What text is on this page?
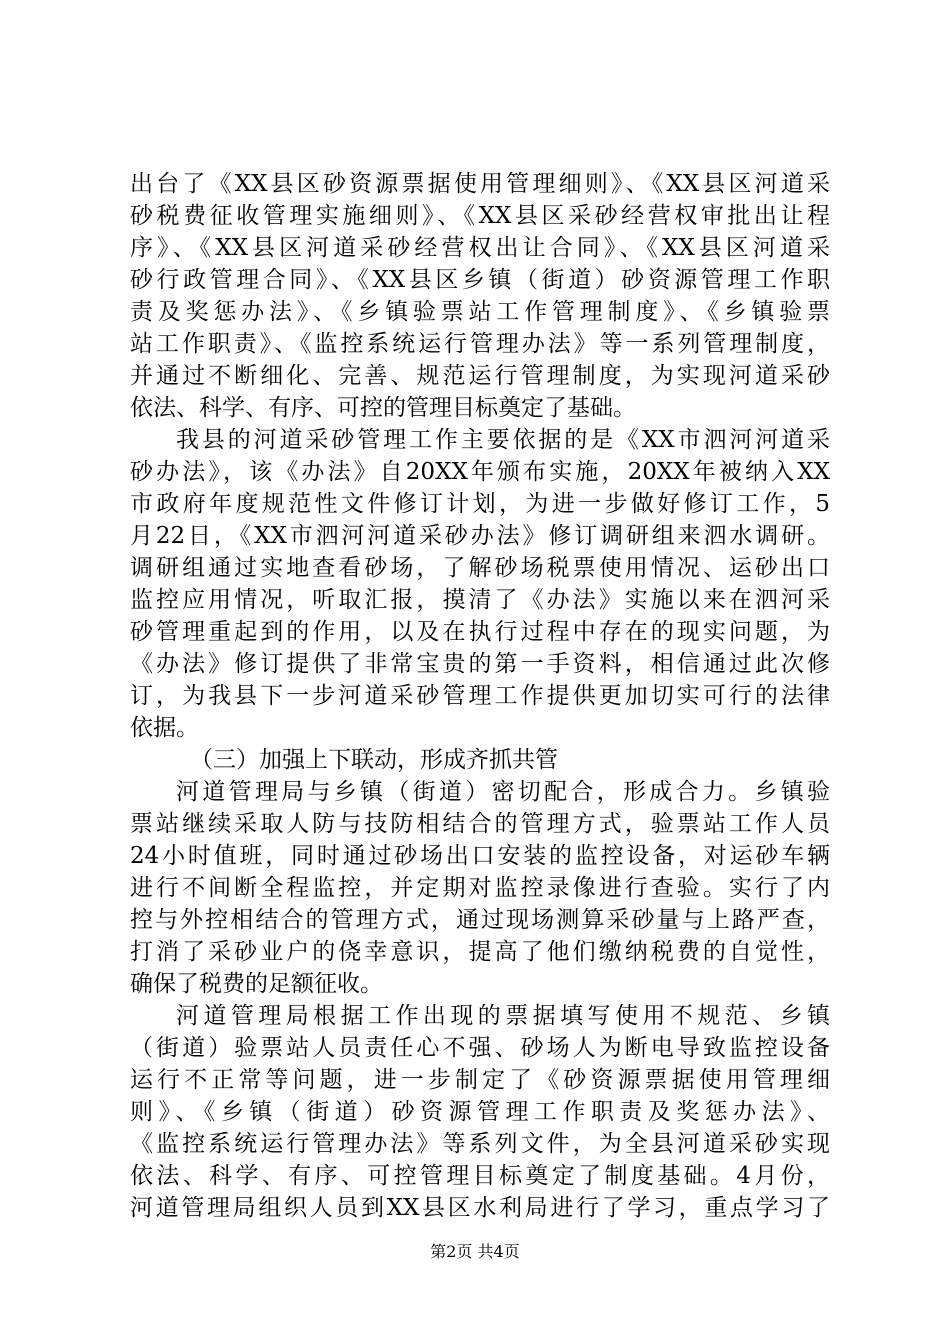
出台了《XX县区砂资源票据使用管理细则》、《XX县区河道采
砂税费征收管理实施细则》、《XX县区采砂经营权审批出让程
序》、《XX县区河道采砂经营权出让合同》、《XX县区河道采
砂行政管理合同》、《XX县区乡镇（街道）砂资源管理工作职
责及奖惩办法》、《乡镇验票站工作管理制度》、《乡镇验票
站工作职责》、《监控系统运行管理办法》等一系列管理制度，
并通过不断细化、完善、规范运行管理制度，为实现河道采砂
依法、科学、有序、可控的管理目标奠定了基础。
我县的河道采砂管理工作主要依据的是《XX市泗河河道采
砂办法》，该《办法》自20XX年颁布实施，20XX年被纳入XX
市政府年度规范性文件修订计划，为进一步做好修订工作，5
月22日，《XX市泗河河道采砂办法》修订调研组来泗水调研。
调研组通过实地查看砂场，了解砂场税票使用情况、运砂出口
监控应用情况，听取汇报，摸清了《办法》实施以来在泗河采
砂管理重起到的作用，以及在执行过程中存在的现实问题，为
《办法》修订提供了非常宝贵的第一手资料，相信通过此次修
订，为我县下一步河道采砂管理工作提供更加切实可行的法律
依据。
（三）加强上下联动，形成齐抓共管
河道管理局与乡镇（街道）密切配合，形成合力。乡镇验
票站继续采取人防与技防相结合的管理方式，验票站工作人员
24小时值班，同时通过砂场出口安装的监控设备，对运砂车辆
进行不间断全程监控，并定期对监控录像进行查验。实行了内
控与外控相结合的管理方式，通过现场测算采砂量与上路严查，
打消了采砂业户的侥幸意识，提高了他们缴纳税费的自觉性，
确保了税费的足额征收。
河道管理局根据工作出现的票据填写使用不规范、乡镇
（街道）验票站人员责任心不强、砂场人为断电导致监控设备
运行不正常等问题，进一步制定了《砂资源票据使用管理细
则》、《乡镇（街道）砂资源管理工作职责及奖惩办法》、
《监控系统运行管理办法》等系列文件，为全县河道采砂实现
依法、科学、有序、可控管理目标奠定了制度基础。4月份，
河道管理局组织人员到XX县区水利局进行了学习，重点学习了
第2页 共4页
